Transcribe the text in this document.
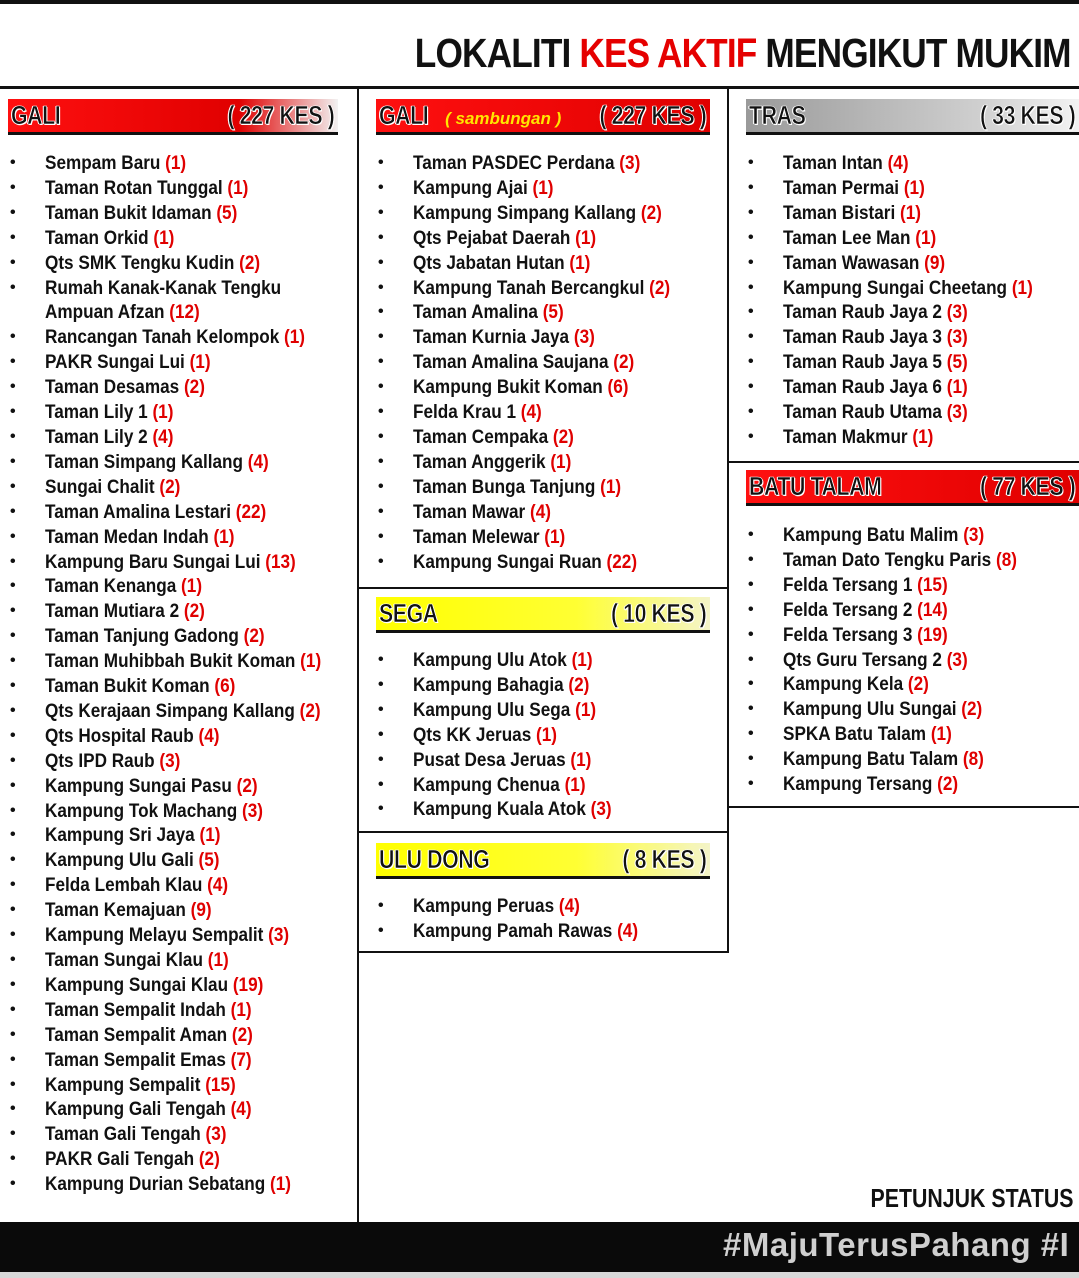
LOKALITI KES AKTIF MENGIKUT MUKIM
GALI	( 227 KES )
• Sempam Baru (1)
• Taman Rotan Tunggal (1)
• Taman Bukit Idaman (5)
• Taman Orkid (1)
• Qts SMK Tengku Kudin (2)
• Rumah Kanak-Kanak Tengku Ampuan Afzan (12)
• Rancangan Tanah Kelompok (1)
• PAKR Sungai Lui (1)
• Taman Desamas (2)
• Taman Lily 1 (1)
• Taman Lily 2 (4)
• Taman Simpang Kallang (4)
• Sungai Chalit (2)
• Taman Amalina Lestari (22)
• Taman Medan Indah (1)
• Kampung Baru Sungai Lui (13)
• Taman Kenanga (1)
• Taman Mutiara 2 (2)
• Taman Tanjung Gadong (2)
• Taman Muhibbah Bukit Koman (1)
• Taman Bukit Koman (6)
• Qts Kerajaan Simpang Kallang (2)
• Qts Hospital Raub (4)
• Qts IPD Raub (3)
• Kampung Sungai Pasu (2)
• Kampung Tok Machang (3)
• Kampung Sri Jaya (1)
• Kampung Ulu Gali (5)
• Felda Lembah Klau (4)
• Taman Kemajuan (9)
• Kampung Melayu Sempalit (3)
• Taman Sungai Klau (1)
• Kampung Sungai Klau (19)
• Taman Sempalit Indah (1)
• Taman Sempalit Aman (2)
• Taman Sempalit Emas (7)
• Kampung Sempalit (15)
• Kampung Gali Tengah (4)
• Taman Gali Tengah (3)
• PAKR Gali Tengah (2)
• Kampung Durian Sebatang (1)
GALI ( sambungan ) ( 227 KES )
• Taman PASDEC Perdana (3)
• Kampung Ajai (1)
• Kampung Simpang Kallang (2)
• Qts Pejabat Daerah (1)
• Qts Jabatan Hutan (1)
• Kampung Tanah Bercangkul (2)
• Taman Amalina (5)
• Taman Kurnia Jaya (3)
• Taman Amalina Saujana (2)
• Kampung Bukit Koman (6)
• Felda Krau 1 (4)
• Taman Cempaka (2)
• Taman Anggerik (1)
• Taman Bunga Tanjung (1)
• Taman Mawar (4)
• Taman Melewar (1)
• Kampung Sungai Ruan (22)
SEGA	( 10 KES )
• Kampung Ulu Atok (1)
• Kampung Bahagia (2)
• Kampung Ulu Sega (1)
• Qts KK Jeruas (1)
• Pusat Desa Jeruas (1)
• Kampung Chenua (1)
• Kampung Kuala Atok (3)
ULU DONG	( 8 KES )
• Kampung Peruas (4)
• Kampung Pamah Rawas (4)
TRAS	( 33 KES )
• Taman Intan (4)
• Taman Permai (1)
• Taman Bistari (1)
• Taman Lee Man (1)
• Taman Wawasan (9)
• Kampung Sungai Cheetang (1)
• Taman Raub Jaya 2 (3)
• Taman Raub Jaya 3 (3)
• Taman Raub Jaya 5 (5)
• Taman Raub Jaya 6 (1)
• Taman Raub Utama (3)
• Taman Makmur (1)
BATU TALAM	( 77 KES )
• Kampung Batu Malim (3)
• Taman Dato Tengku Paris (8)
• Felda Tersang 1 (15)
• Felda Tersang 2 (14)
• Felda Tersang 3 (19)
• Qts Guru Tersang 2 (3)
• Kampung Kela (2)
• Kampung Ulu Sungai (2)
• SPKA Batu Talam (1)
• Kampung Batu Talam (8)
• Kampung Tersang (2)
PETUNJUK STATUS
#MajuTerusPahang #I
